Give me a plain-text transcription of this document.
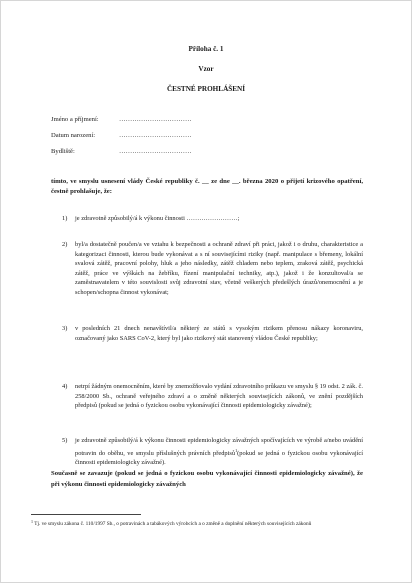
Příloha č. 1
Vzor
ČESTNÉ PROHLÁŠENÍ
Jméno a příjmení:	……………………………
Datum narození:	……………………………
Bydliště:	……………………………
tímto, ve smyslu usnesení vlády České republiky č. __ ze dne __. března 2020 o přijetí krizového opatření, čestně prohlašuje, že:
1) je zdravotně způsobilý/á k výkonu činnosti ……………………;
2) byl/a dostatečně poučen/a ve vztahu k bezpečnosti a ochraně zdraví při práci, jakož i o druhu, charakteristice a kategorizaci činnosti, kterou bude vykonávat a s ní souvisejícími riziky (např. manipulace s břemeny, lokální svalová zátěž, pracovní polohy, hluk a jeho následky, zátěž chladem nebo teplem, zraková zátěž, psychická zátěž, práce ve výškách na žebříku, řízení manipulační techniky, atp.), jakož i že konzultoval/a se zaměstnavatelem v této souvislosti svůj zdravotní stav, včetně veškerých předešlých úrazů/onemocnění a je schopen/schopna činnost vykonávat;
3) v posledních 21 dnech nenavštívil/a některý ze států s vysokým rizikem přenosu nákazy koronaviru, označovaný jako SARS CoV-2, který byl jako rizikový stát stanovený vládou České republiky;
4) netrpí žádným onemocněním, které by znemožňovalo vydání zdravotního průkazu ve smyslu § 19 odst. 2 zák. č. 258/2000 Sb., ochraně veřejného zdraví a o změně některých souvisejících zákonů, ve znění pozdějších předpisů (pokud se jedná o fyzickou osobu vykonávající činnosti epidemiologicky závažné);
5) je zdravotně způsobilý/á k výkonu činnosti epidemiologicky závažných spočívajících ve výrobě a/nebo uvádění potravin do oběhu, ve smyslu příslušných právních předpisů$^1$(pokud se jedná o fyzickou osobu vykonávající činnosti epidemiologicky závažné).
Současně se zavazuje (pokud se jedná o fyzickou osobu vykonávající činnosti epidemiologicky závažné), že při výkonu činnosti epidemiologicky závažných
$^1$ Tj. ve smyslu zákona č. 110/1997 Sb., o potravinách a tabákových výrobcích a o změně a doplnění některých souvisejících zákonů
